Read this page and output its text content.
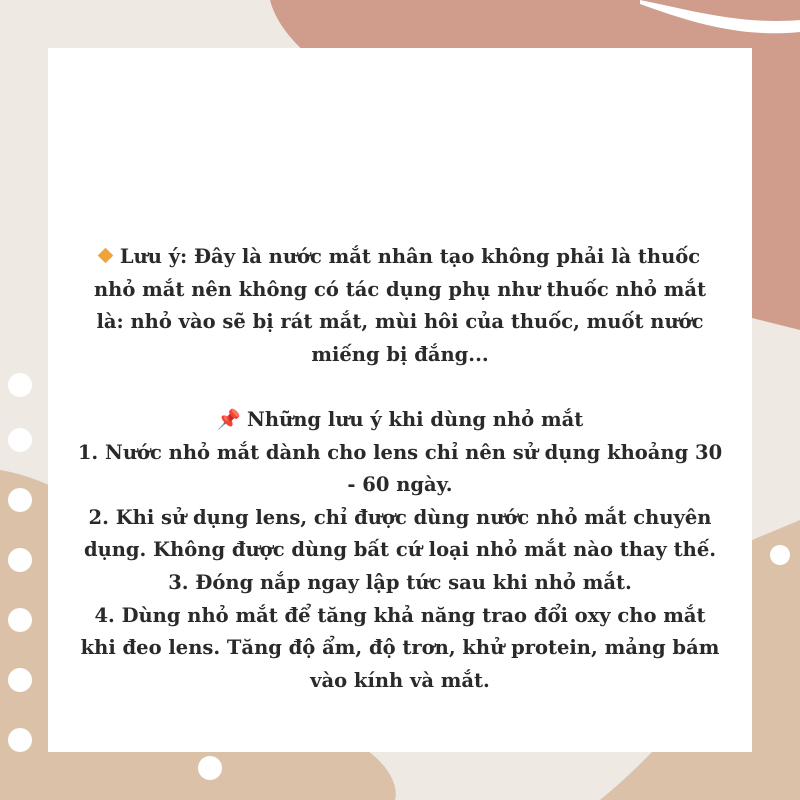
Lưu ý: Đây là nước mắt nhân tạo không phải là thuốc
nhỏ mắt nên không có tác dụng phụ như thuốc nhỏ mắt
là: nhỏ vào sẽ bị rát mắt, mùi hôi của thuốc, muốt nước
miếng bị đắng...
📌 Những lưu ý khi dùng nhỏ mắt
1. Nước nhỏ mắt dành cho lens chỉ nên sử dụng khoảng 30
- 60 ngày.
2. Khi sử dụng lens, chỉ được dùng nước nhỏ mắt chuyên
dụng. Không được dùng bất cứ loại nhỏ mắt nào thay thế.
3. Đóng nắp ngay lập tức sau khi nhỏ mắt.
4. Dùng nhỏ mắt để tăng khả năng trao đổi oxy cho mắt
khi đeo lens. Tăng độ ẩm, độ trơn, khử protein, mảng bám
vào kính và mắt.
